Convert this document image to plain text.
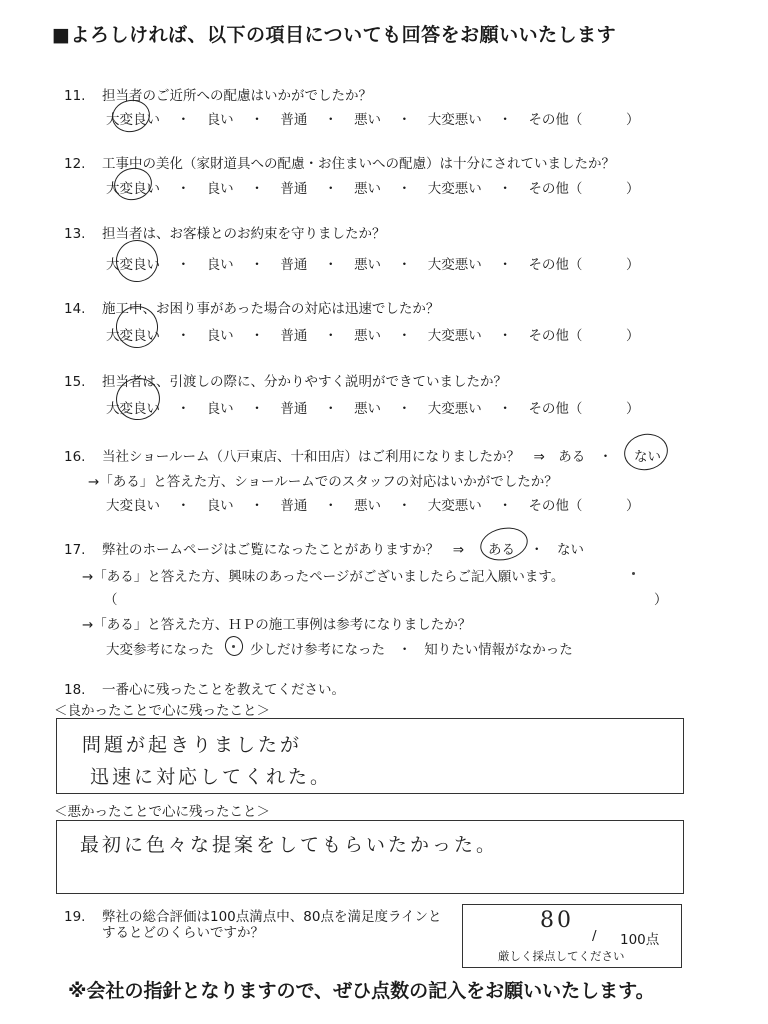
■よろしければ、以下の項目についても回答をお願いいたします
11. 担当者のご近所への配慮はいかがでしたか？
大変良い ・ 良い ・ 普通 ・ 悪い ・ 大変悪い ・ その他（	）
12. 工事中の美化（家財道具への配慮・お住まいへの配慮）は十分にされていましたか？
大変良い ・ 良い ・ 普通 ・ 悪い ・ 大変悪い ・ その他（	）
13. 担当者は、お客様とのお約束を守りましたか？
大変良い ・ 良い ・ 普通 ・ 悪い ・ 大変悪い ・ その他（	）
14. 施工中、お困り事があった場合の対応は迅速でしたか？
大変良い ・ 良い ・ 普通 ・ 悪い ・ 大変悪い ・ その他（	）
15. 担当者は、引渡しの際に、分かりやすく説明ができていましたか？
大変良い ・ 良い ・ 普通 ・ 悪い ・ 大変悪い ・ その他（	）
16. 当社ショールーム（八戸東店、十和田店）はご利用になりましたか？　⇒　ある　・ ない
→「ある」と答えた方、ショールームでのスタッフの対応はいかがでしたか？
大変良い ・ 良い ・ 普通 ・ 悪い ・ 大変悪い ・ その他（	）
17. 弊社のホームページはご覧になったことがありますか？　⇒ ある ・　ない
→「ある」と答えた方、興味のあったページがございましたらご記入願います。
（	）
→「ある」と答えた方、ＨＰの施工事例は参考になりましたか？
大変参考になった	少しだけ参考になった ・ 知りたい情報がなかった
18. 一番心に残ったことを教えてください。
＜良かったことで心に残ったこと＞
問題が起きりましたが
迅速に対応してくれた。
＜悪かったことで心に残ったこと＞
最初に色々な提案をしてもらいたかった。
19. 弊社の総合評価は100点満点中、80点を満足度ラインと
するとどのくらいですか？	80
/ 100点
厳しく採点してください
※会社の指針となりますので、ぜひ点数の記入をお願いいたします。
